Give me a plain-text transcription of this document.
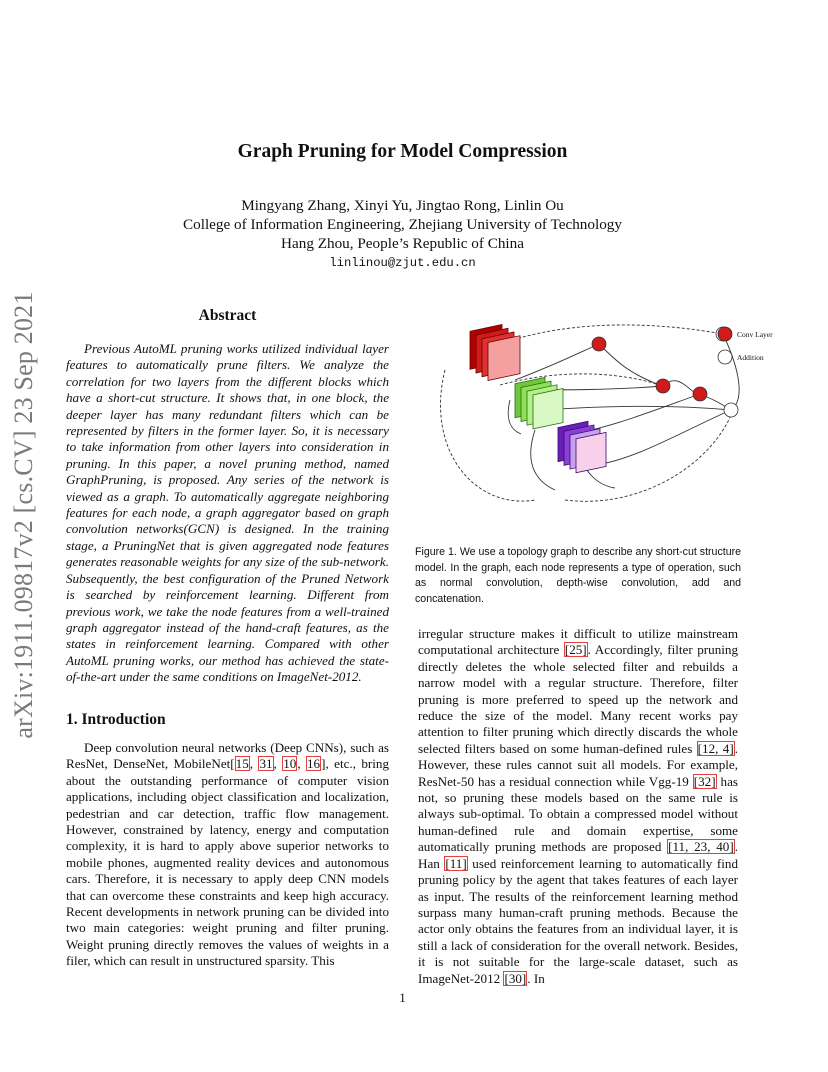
arXiv:1911.09817v2 [cs.CV] 23 Sep 2021
Graph Pruning for Model Compression
Mingyang Zhang, Xinyi Yu, Jingtao Rong, Linlin Ou
College of Information Engineering, Zhejiang University of Technology
Hang Zhou, People’s Republic of China
linlinou@zjut.edu.cn
Abstract
Previous AutoML pruning works utilized individual layer features to automatically prune filters. We analyze the correlation for two layers from the different blocks which have a short-cut structure. It shows that, in one block, the deeper layer has many redundant filters which can be represented by filters in the former layer. So, it is necessary to take information from other layers into consideration in pruning. In this paper, a novel pruning method, named GraphPruning, is proposed. Any series of the network is viewed as a graph. To automatically aggregate neighboring features for each node, a graph aggregator based on graph convolution networks(GCN) is designed. In the training stage, a PruningNet that is given aggregated node features generates reasonable weights for any size of the sub-network. Subsequently, the best configuration of the Pruned Network is searched by reinforcement learning. Different from previous work, we take the node features from a well-trained graph aggregator instead of the hand-craft features, as the states in reinforcement learning. Compared with other AutoML pruning works, our method has achieved the state-of-the-art under the same conditions on ImageNet-2012.
1. Introduction
Deep convolution neural networks (Deep CNNs), such as ResNet, DenseNet, MobileNet[15, 31, 10, 16], etc., bring about the outstanding performance of computer vision applications, including object classification and localization, pedestrian and car detection, traffic flow management. However, constrained by latency, energy and computation complexity, it is hard to apply above superior networks to mobile phones, augmented reality devices and autonomous cars. Therefore, it is necessary to apply deep CNN models that can overcome these constraints and keep high accuracy. Recent developments in network pruning can be divided into two main categories: weight pruning and filter pruning. Weight pruning directly removes the values of weights in a filer, which can result in unstructured sparsity. This
Conv Layer
Addition
Figure 1. We use a topology graph to describe any short-cut structure model. In the graph, each node represents a type of operation, such as normal convolution, depth-wise convolution, add and concatenation.
irregular structure makes it difficult to utilize mainstream computational architecture [25]. Accordingly, filter pruning directly deletes the whole selected filter and rebuilds a narrow model with a regular structure. Therefore, filter pruning is more preferred to speed up the network and reduce the size of the model. Many recent works pay attention to filter pruning which directly discards the whole selected filters based on some human-defined rules [12, 4]. However, these rules cannot suit all models. For example, ResNet-50 has a residual connection while Vgg-19 [32] has not, so pruning these models based on the same rule is always sub-optimal. To obtain a compressed model without human-defined rule and domain expertise, some automatically pruning methods are proposed [11, 23, 40]. Han [11] used reinforcement learning to automatically find pruning policy by the agent that takes features of each layer as input. The results of the reinforcement learning method surpass many human-craft pruning methods. Because the actor only obtains the features from an individual layer, it is still a lack of consideration for the overall network. Besides, it is not suitable for the large-scale dataset, such as ImageNet-2012 [30]. In
1
